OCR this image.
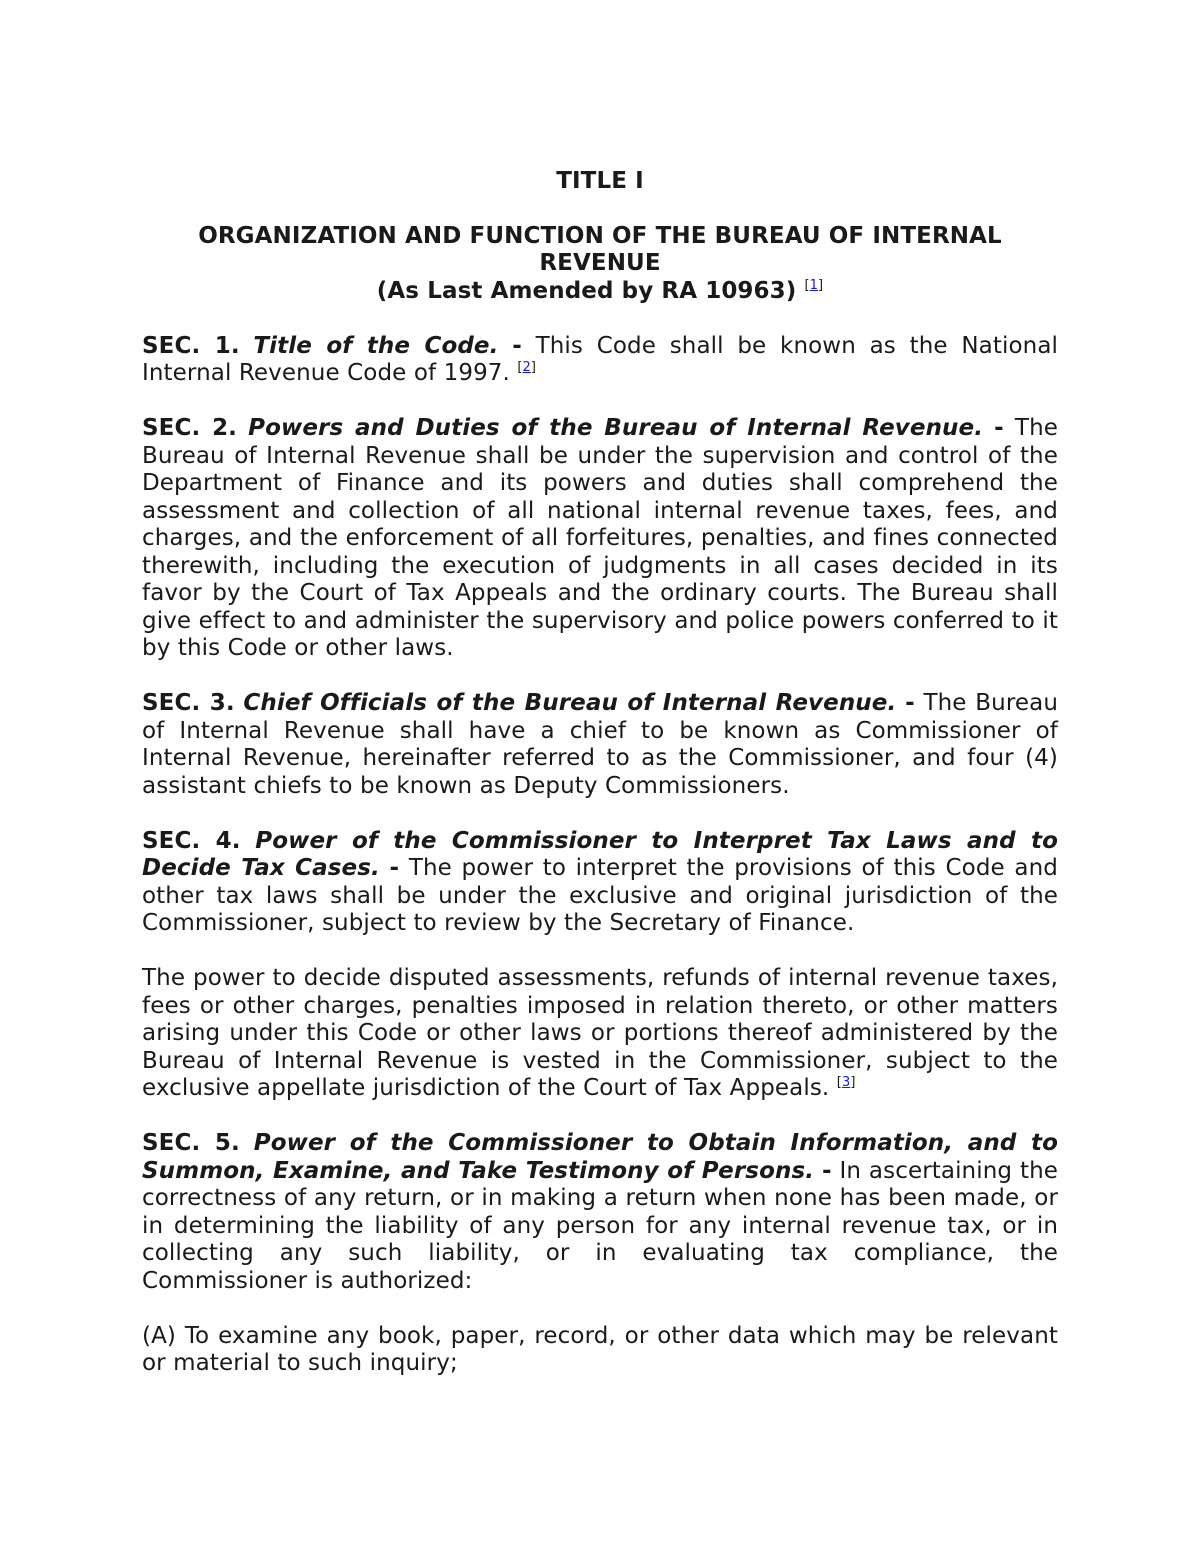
TITLE I

ORGANIZATION AND FUNCTION OF THE BUREAU OF INTERNAL REVENUE

(As Last Amended by RA 10963) [1]

SEC. 1. Title of the Code. - This Code shall be known as the National Internal Revenue Code of 1997. [2]

SEC. 2. Powers and Duties of the Bureau of Internal Revenue. - The Bureau of Internal Revenue shall be under the supervision and control of the Department of Finance and its powers and duties shall comprehend the assessment and collection of all national internal revenue taxes, fees, and charges, and the enforcement of all forfeitures, penalties, and fines connected therewith, including the execution of judgments in all cases decided in its favor by the Court of Tax Appeals and the ordinary courts. The Bureau shall give effect to and administer the supervisory and police powers conferred to it by this Code or other laws.

SEC. 3. Chief Officials of the Bureau of Internal Revenue. - The Bureau of Internal Revenue shall have a chief to be known as Commissioner of Internal Revenue, hereinafter referred to as the Commissioner, and four (4) assistant chiefs to be known as Deputy Commissioners.

SEC. 4. Power of the Commissioner to Interpret Tax Laws and to Decide Tax Cases. - The power to interpret the provisions of this Code and other tax laws shall be under the exclusive and original jurisdiction of the Commissioner, subject to review by the Secretary of Finance.

The power to decide disputed assessments, refunds of internal revenue taxes, fees or other charges, penalties imposed in relation thereto, or other matters arising under this Code or other laws or portions thereof administered by the Bureau of Internal Revenue is vested in the Commissioner, subject to the exclusive appellate jurisdiction of the Court of Tax Appeals. [3]

SEC. 5. Power of the Commissioner to Obtain Information, and to Summon, Examine, and Take Testimony of Persons. - In ascertaining the correctness of any return, or in making a return when none has been made, or in determining the liability of any person for any internal revenue tax, or in collecting any such liability, or in evaluating tax compliance, the Commissioner is authorized:

(A) To examine any book, paper, record, or other data which may be relevant or material to such inquiry;
